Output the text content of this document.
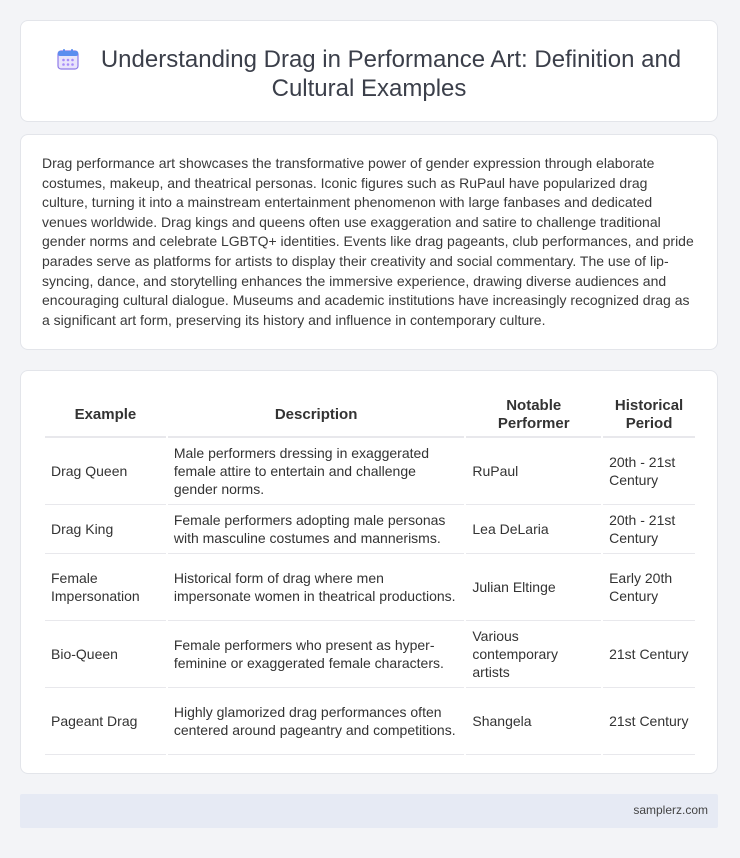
Understanding Drag in Performance Art: Definition and Cultural Examples
Drag performance art showcases the transformative power of gender expression through elaborate costumes, makeup, and theatrical personas. Iconic figures such as RuPaul have popularized drag culture, turning it into a mainstream entertainment phenomenon with large fanbases and dedicated venues worldwide. Drag kings and queens often use exaggeration and satire to challenge traditional gender norms and celebrate LGBTQ+ identities. Events like drag pageants, club performances, and pride parades serve as platforms for artists to display their creativity and social commentary. The use of lip-syncing, dance, and storytelling enhances the immersive experience, drawing diverse audiences and encouraging cultural dialogue. Museums and academic institutions have increasingly recognized drag as a significant art form, preserving its history and influence in contemporary culture.
Example	Description	Notable Performer	Historical Period
Drag Queen	Male performers dressing in exaggerated female attire to entertain and challenge gender norms.	RuPaul	20th - 21st Century
Drag King	Female performers adopting male personas with masculine costumes and mannerisms.	Lea DeLaria	20th - 21st Century
Female Impersonation	Historical form of drag where men impersonate women in theatrical productions.	Julian Eltinge	Early 20th Century
Bio-Queen	Female performers who present as hyper-feminine or exaggerated female characters.	Various contemporary artists	21st Century
Pageant Drag	Highly glamorized drag performances often centered around pageantry and competitions.	Shangela	21st Century
samplerz.com
